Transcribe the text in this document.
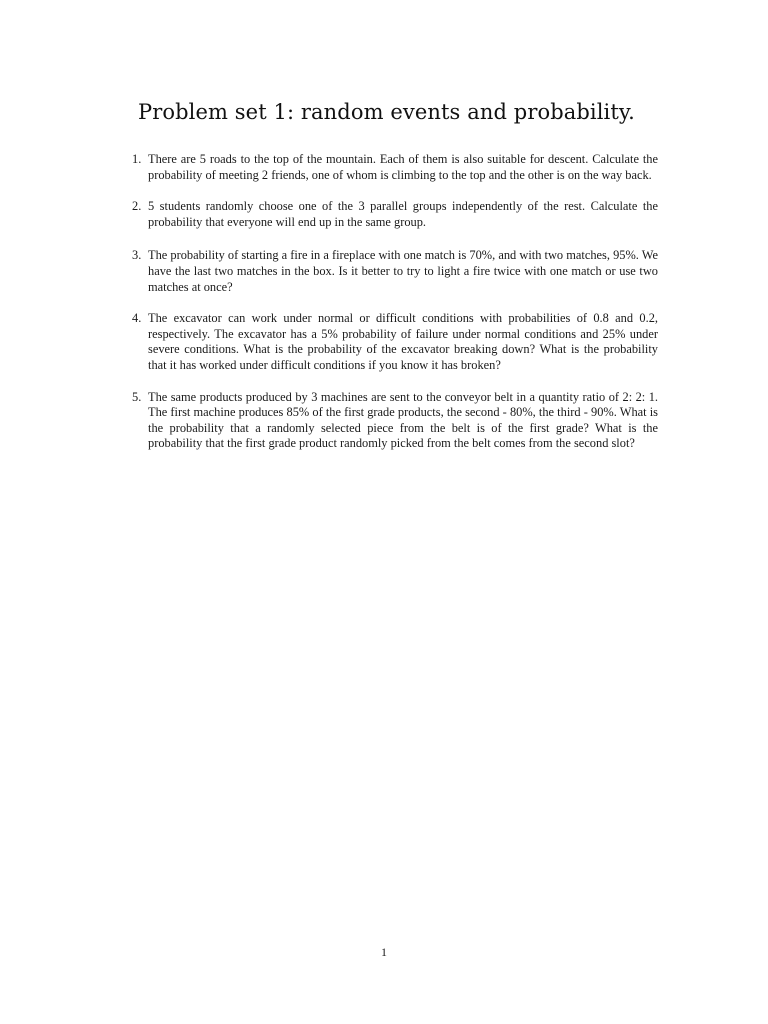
Problem set 1: random events and probability.
1. There are 5 roads to the top of the mountain. Each of them is also suitable for descent. Calculate the probability of meeting 2 friends, one of whom is climbing to the top and the other is on the way back.
2. 5 students randomly choose one of the 3 parallel groups independently of the rest. Calculate the probability that everyone will end up in the same group.
3. The probability of starting a fire in a fireplace with one match is 70%, and with two matches, 95%. We have the last two matches in the box. Is it better to try to light a fire twice with one match or use two matches at once?
4. The excavator can work under normal or difficult conditions with probabilities of 0.8 and 0.2, respectively. The excavator has a 5% probability of failure under normal conditions and 25% under severe conditions. What is the probability of the excavator breaking down? What is the probability that it has worked under difficult conditions if you know it has broken?
5. The same products produced by 3 machines are sent to the conveyor belt in a quantity ratio of 2: 2: 1. The first machine produces 85% of the first grade products, the second - 80%, the third - 90%. What is the probability that a randomly selected piece from the belt is of the first grade? What is the probability that the first grade product randomly picked from the belt comes from the second slot?
1
